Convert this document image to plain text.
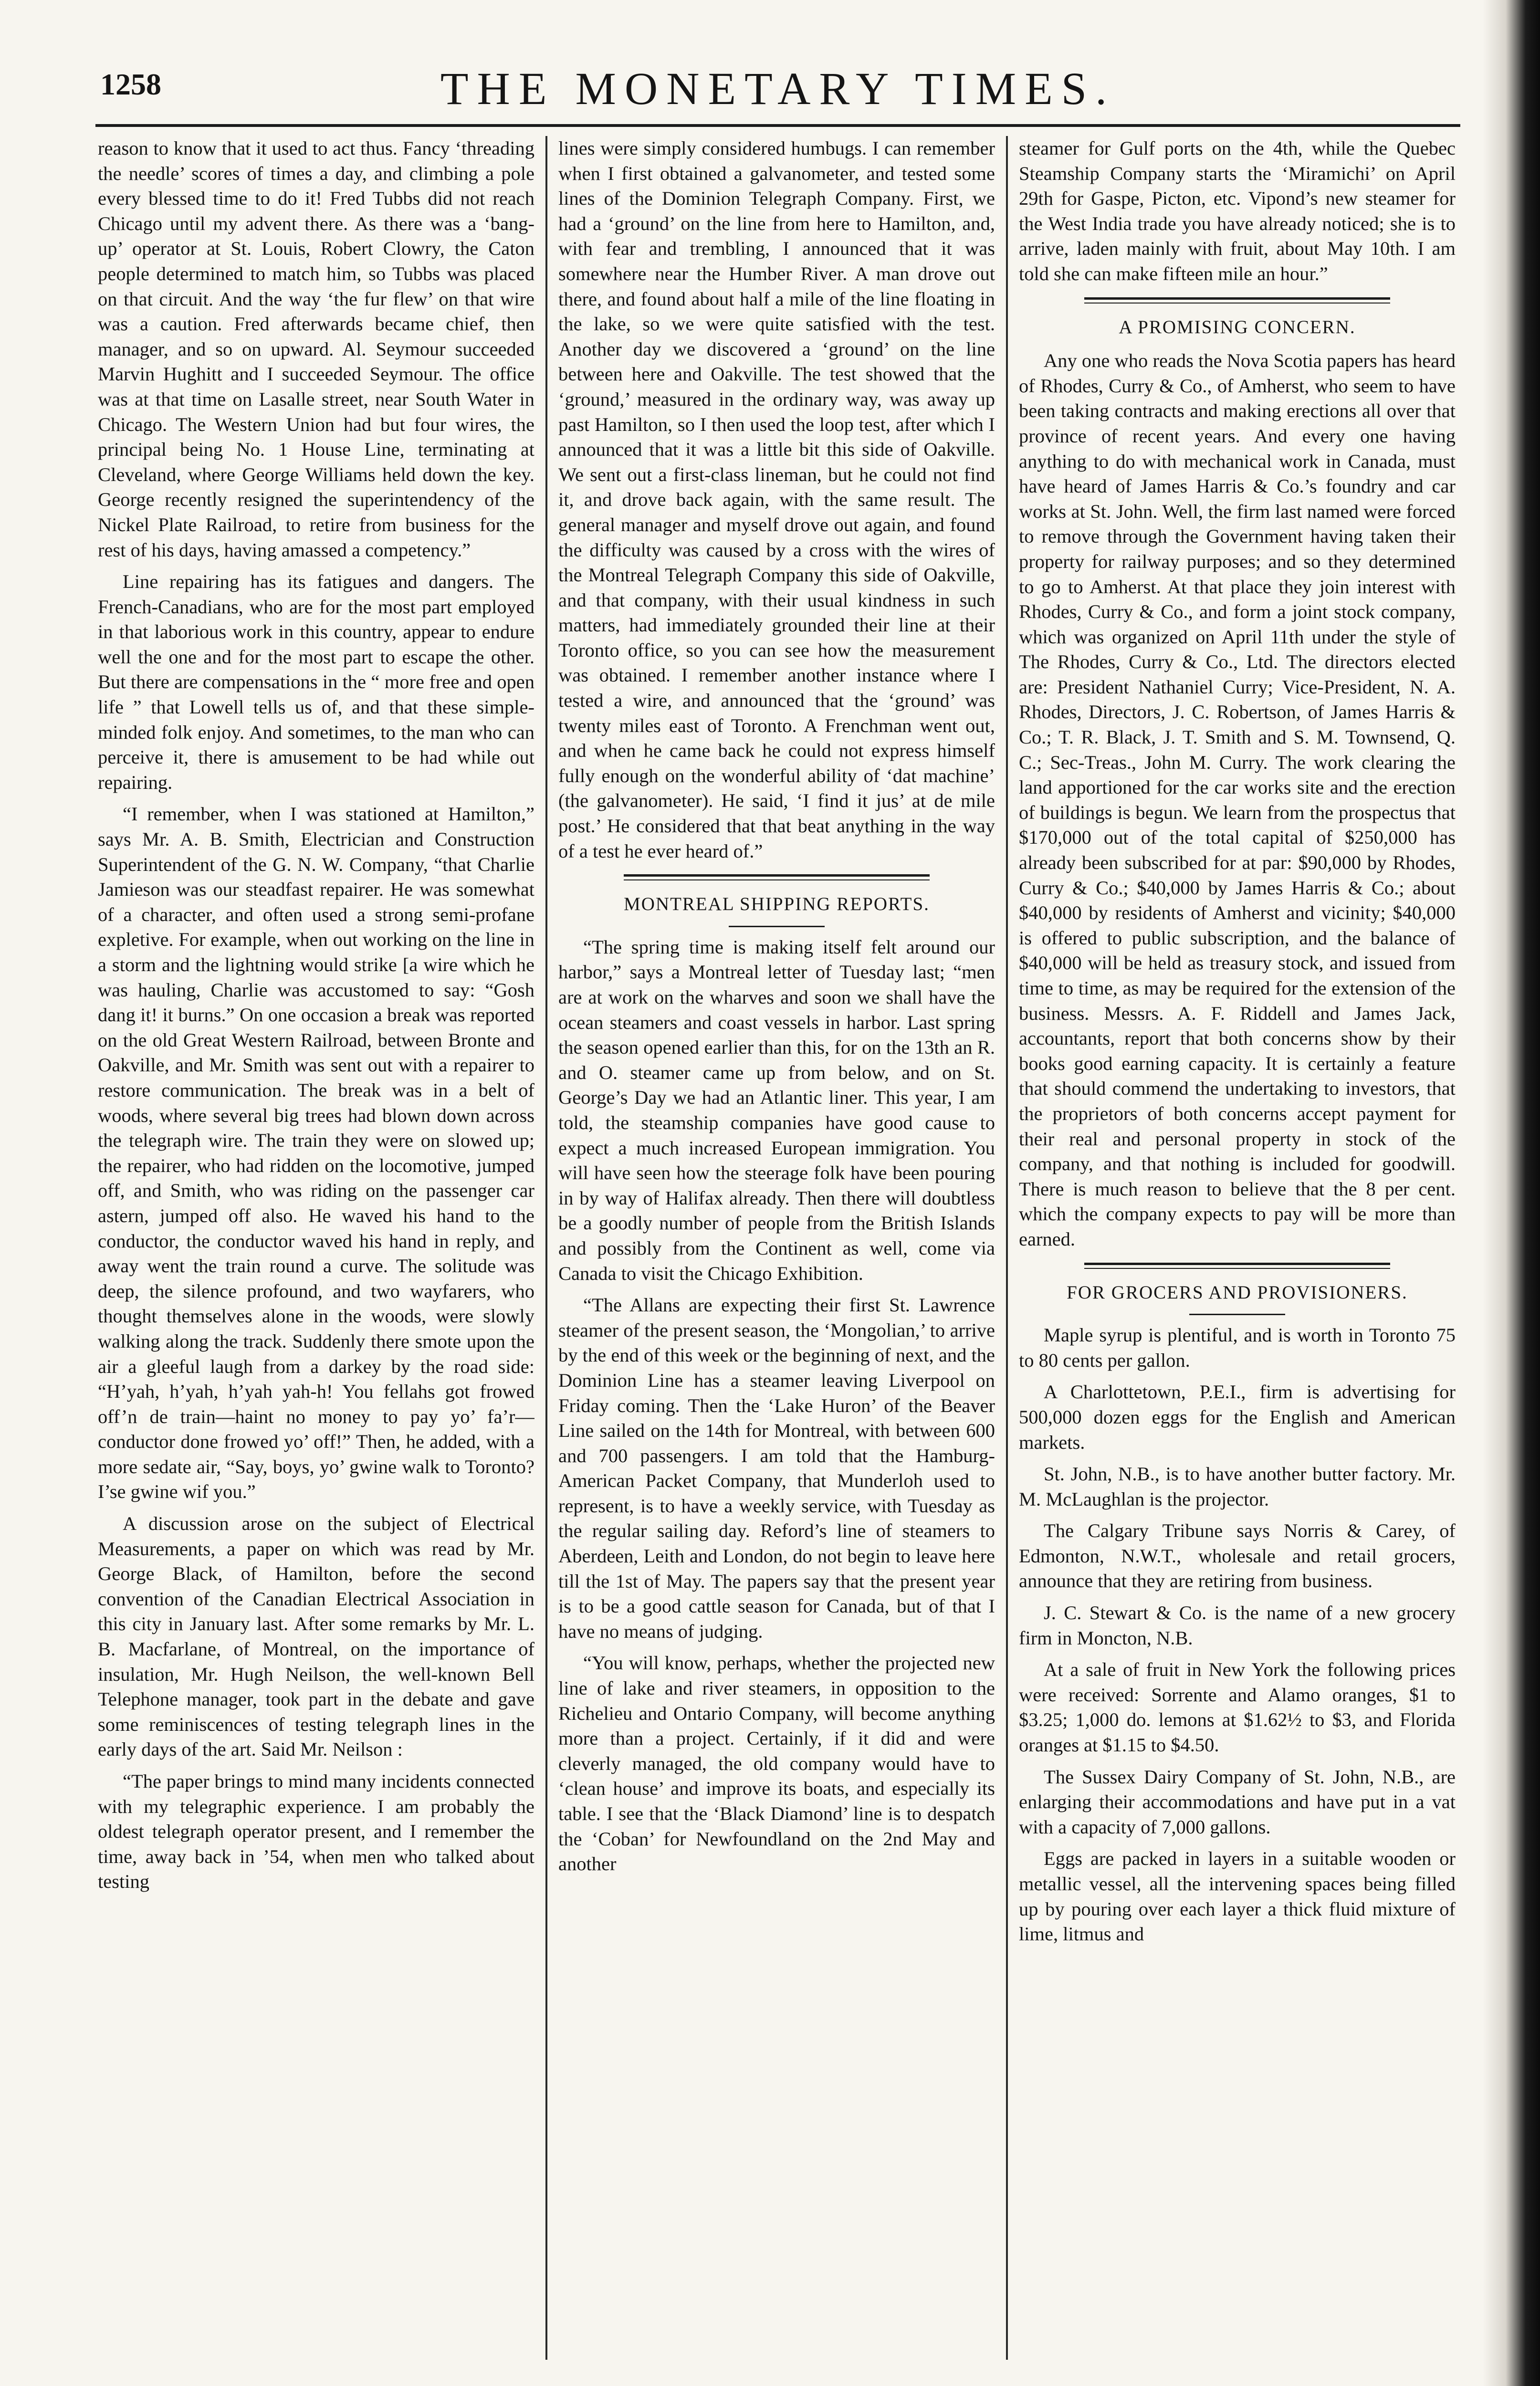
1258	THE MONETARY TIMES.

reason to know that it used to act thus. Fancy ‘threading the needle’ scores of times a day, and climbing a pole every blessed time to do it! Fred Tubbs did not reach Chicago until my advent there. As there was a ‘bang-up’ operator at St. Louis, Robert Clowry, the Caton people determined to match him, so Tubbs was placed on that circuit. And the way ‘the fur flew’ on that wire was a caution. Fred afterwards became chief, then manager, and so on upward. Al. Seymour succeeded Marvin Hughitt and I succeeded Seymour. The office was at that time on Lasalle street, near South Water in Chicago. The Western Union had but four wires, the principal being No. 1 House Line, terminating at Cleveland, where George Williams held down the key. George recently resigned the superintendency of the Nickel Plate Railroad, to retire from business for the rest of his days, having amassed a competency.”

Line repairing has its fatigues and dangers. The French-Canadians, who are for the most part employed in that laborious work in this country, appear to endure well the one and for the most part to escape the other. But there are compensations in the “ more free and open life ” that Lowell tells us of, and that these simple-minded folk enjoy. And sometimes, to the man who can perceive it, there is amusement to be had while out repairing.

“I remember, when I was stationed at Hamilton,” says Mr. A. B. Smith, Electrician and Construction Superintendent of the G. N. W. Company, “that Charlie Jamieson was our steadfast repairer. He was somewhat of a character, and often used a strong semi-profane expletive. For example, when out working on the line in a storm and the lightning would strike [a wire which he was hauling, Charlie was accustomed to say: “Gosh dang it! it burns.” On one occasion a break was reported on the old Great Western Railroad, between Bronte and Oakville, and Mr. Smith was sent out with a repairer to restore communication. The break was in a belt of woods, where several big trees had blown down across the telegraph wire. The train they were on slowed up; the repairer, who had ridden on the locomotive, jumped off, and Smith, who was riding on the passenger car astern, jumped off also. He waved his hand to the conductor, the conductor waved his hand in reply, and away went the train round a curve. The solitude was deep, the silence profound, and two wayfarers, who thought themselves alone in the woods, were slowly walking along the track. Suddenly there smote upon the air a gleeful laugh from a darkey by the road side: “H’yah, h’yah, h’yah yah-h! You fellahs got frowed off’n de train—haint no money to pay yo’ fa’r—conductor done frowed yo’ off!” Then, he added, with a more sedate air, “Say, boys, yo’ gwine walk to Toronto? I’se gwine wif you.”

A discussion arose on the subject of Electrical Measurements, a paper on which was read by Mr. George Black, of Hamilton, before the second convention of the Canadian Electrical Association in this city in January last. After some remarks by Mr. L. B. Macfarlane, of Montreal, on the importance of insulation, Mr. Hugh Neilson, the well-known Bell Telephone manager, took part in the debate and gave some reminiscences of testing telegraph lines in the early days of the art. Said Mr. Neilson :

“The paper brings to mind many incidents connected with my telegraphic experience. I am probably the oldest telegraph operator present, and I remember the time, away back in ’54, when men who talked about testing

lines were simply considered humbugs. I can remember when I first obtained a galvanometer, and tested some lines of the Dominion Telegraph Company. First, we had a ‘ground’ on the line from here to Hamilton, and, with fear and trembling, I announced that it was somewhere near the Humber River. A man drove out there, and found about half a mile of the line floating in the lake, so we were quite satisfied with the test. Another day we discovered a ‘ground’ on the line between here and Oakville. The test showed that the ‘ground,’ measured in the ordinary way, was away up past Hamilton, so I then used the loop test, after which I announced that it was a little bit this side of Oakville. We sent out a first-class lineman, but he could not find it, and drove back again, with the same result. The general manager and myself drove out again, and found the difficulty was caused by a cross with the wires of the Montreal Telegraph Company this side of Oakville, and that company, with their usual kindness in such matters, had immediately grounded their line at their Toronto office, so you can see how the measurement was obtained. I remember another instance where I tested a wire, and announced that the ‘ground’ was twenty miles east of Toronto. A Frenchman went out, and when he came back he could not express himself fully enough on the wonderful ability of ‘dat machine’ (the galvanometer). He said, ‘I find it jus’ at de mile post.’ He considered that that beat anything in the way of a test he ever heard of.”

MONTREAL SHIPPING REPORTS.

“The spring time is making itself felt around our harbor,” says a Montreal letter of Tuesday last; “men are at work on the wharves and soon we shall have the ocean steamers and coast vessels in harbor. Last spring the season opened earlier than this, for on the 13th an R. and O. steamer came up from below, and on St. George’s Day we had an Atlantic liner. This year, I am told, the steamship companies have good cause to expect a much increased European immigration. You will have seen how the steerage folk have been pouring in by way of Halifax already. Then there will doubtless be a goodly number of people from the British Islands and possibly from the Continent as well, come via Canada to visit the Chicago Exhibition.

“The Allans are expecting their first St. Lawrence steamer of the present season, the ‘Mongolian,’ to arrive by the end of this week or the beginning of next, and the Dominion Line has a steamer leaving Liverpool on Friday coming. Then the ‘Lake Huron’ of the Beaver Line sailed on the 14th for Montreal, with between 600 and 700 passengers. I am told that the Hamburg-American Packet Company, that Munderloh used to represent, is to have a weekly service, with Tuesday as the regular sailing day. Reford’s line of steamers to Aberdeen, Leith and London, do not begin to leave here till the 1st of May. The papers say that the present year is to be a good cattle season for Canada, but of that I have no means of judging.

“You will know, perhaps, whether the projected new line of lake and river steamers, in opposition to the Richelieu and Ontario Company, will become anything more than a project. Certainly, if it did and were cleverly managed, the old company would have to ‘clean house’ and improve its boats, and especially its table. I see that the ‘Black Diamond’ line is to despatch the ‘Coban’ for Newfoundland on the 2nd May and another

steamer for Gulf ports on the 4th, while the Quebec Steamship Company starts the ‘Miramichi’ on April 29th for Gaspe, Picton, etc. Vipond’s new steamer for the West India trade you have already noticed; she is to arrive, laden mainly with fruit, about May 10th. I am told she can make fifteen mile an hour.”

A PROMISING CONCERN.

Any one who reads the Nova Scotia papers has heard of Rhodes, Curry & Co., of Amherst, who seem to have been taking contracts and making erections all over that province of recent years. And every one having anything to do with mechanical work in Canada, must have heard of James Harris & Co.’s foundry and car works at St. John. Well, the firm last named were forced to remove through the Government having taken their property for railway purposes; and so they determined to go to Amherst. At that place they join interest with Rhodes, Curry & Co., and form a joint stock company, which was organized on April 11th under the style of The Rhodes, Curry & Co., Ltd. The directors elected are: President Nathaniel Curry; Vice-President, N. A. Rhodes, Directors, J. C. Robertson, of James Harris & Co.; T. R. Black, J. T. Smith and S. M. Townsend, Q. C.; Sec-Treas., John M. Curry. The work clearing the land apportioned for the car works site and the erection of buildings is begun. We learn from the prospectus that $170,000 out of the total capital of $250,000 has already been subscribed for at par: $90,000 by Rhodes, Curry & Co.; $40,000 by James Harris & Co.; about $40,000 by residents of Amherst and vicinity; $40,000 is offered to public subscription, and the balance of $40,000 will be held as treasury stock, and issued from time to time, as may be required for the extension of the business. Messrs. A. F. Riddell and James Jack, accountants, report that both concerns show by their books good earning capacity. It is certainly a feature that should commend the undertaking to investors, that the proprietors of both concerns accept payment for their real and personal property in stock of the company, and that nothing is included for goodwill. There is much reason to believe that the 8 per cent. which the company expects to pay will be more than earned.

FOR GROCERS AND PROVISIONERS.

Maple syrup is plentiful, and is worth in Toronto 75 to 80 cents per gallon.

A Charlottetown, P.E.I., firm is advertising for 500,000 dozen eggs for the English and American markets.

St. John, N.B., is to have another butter factory. Mr. M. McLaughlan is the projector.

The Calgary Tribune says Norris & Carey, of Edmonton, N.W.T., wholesale and retail grocers, announce that they are retiring from business.

J. C. Stewart & Co. is the name of a new grocery firm in Moncton, N.B.

At a sale of fruit in New York the following prices were received: Sorrente and Alamo oranges, $1 to $3.25; 1,000 do. lemons at $1.62½ to $3, and Florida oranges at $1.15 to $4.50.

The Sussex Dairy Company of St. John, N.B., are enlarging their accommodations and have put in a vat with a capacity of 7,000 gallons.

Eggs are packed in layers in a suitable wooden or metallic vessel, all the intervening spaces being filled up by pouring over each layer a thick fluid mixture of lime, litmus and
